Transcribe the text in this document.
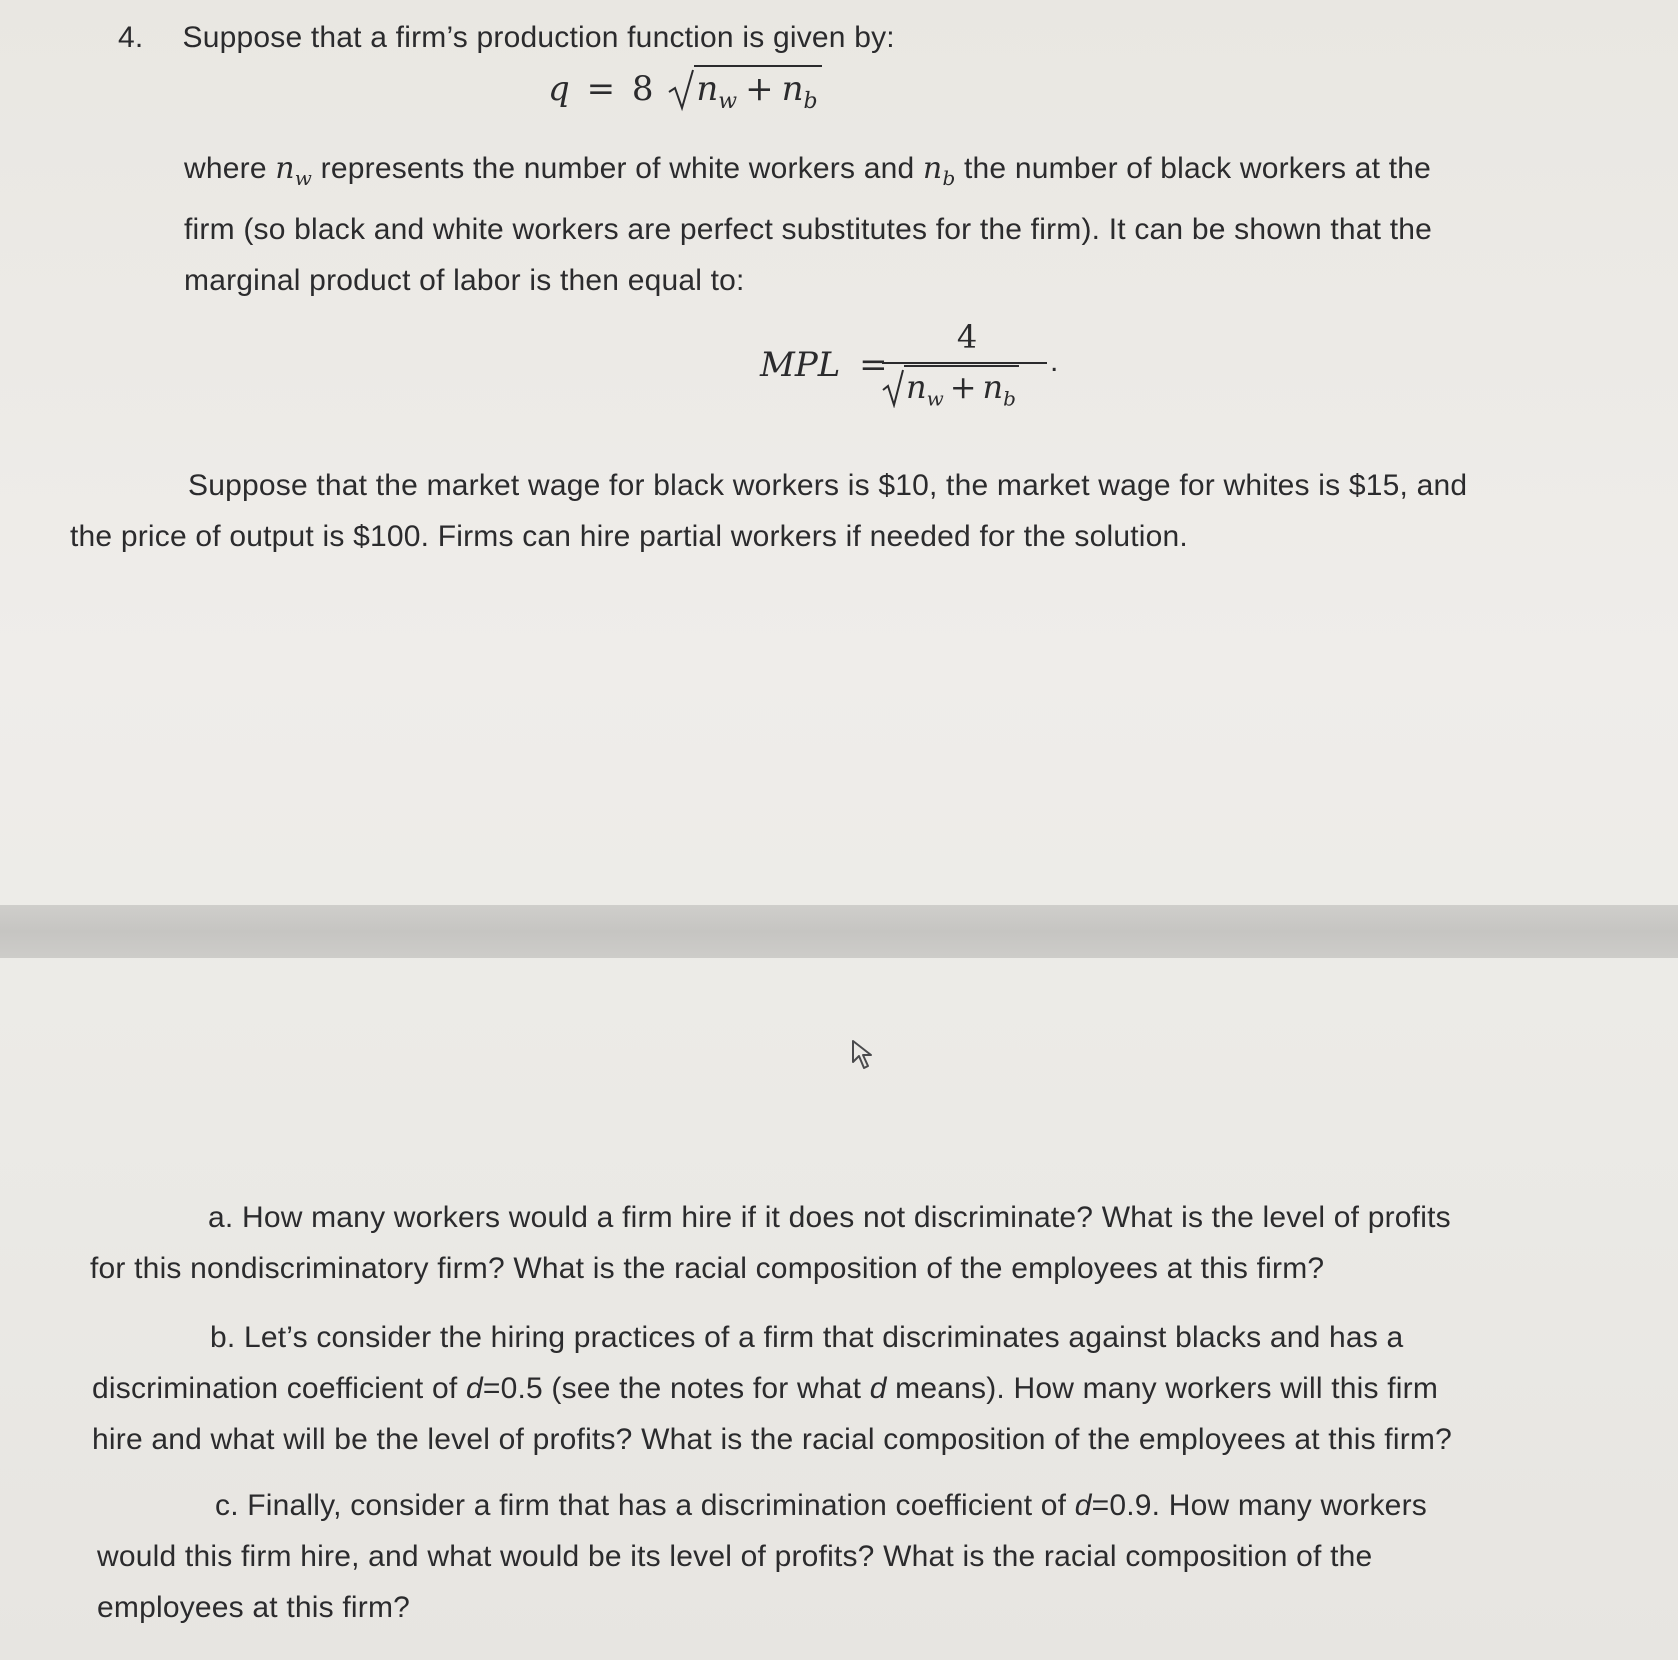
4. Suppose that a firm’s production function is given by:
q = 8 $n_w + n_b$
where $n_w$ represents the number of white workers and $n_b$ the number of black workers at the
firm (so black and white workers are perfect substitutes for the firm). It can be shown that the
marginal product of labor is then equal to:
MPL =
4
$n_w + n_b$
.
Suppose that the market wage for black workers is $10, the market wage for whites is $15, and
the price of output is $100. Firms can hire partial workers if needed for the solution.
a. How many workers would a firm hire if it does not discriminate? What is the level of profits
for this nondiscriminatory firm? What is the racial composition of the employees at this firm?
b. Let’s consider the hiring practices of a firm that discriminates against blacks and has a
discrimination coefficient of d=0.5 (see the notes for what d means). How many workers will this firm
hire and what will be the level of profits? What is the racial composition of the employees at this firm?
c. Finally, consider a firm that has a discrimination coefficient of d=0.9. How many workers
would this firm hire, and what would be its level of profits? What is the racial composition of the
employees at this firm?
